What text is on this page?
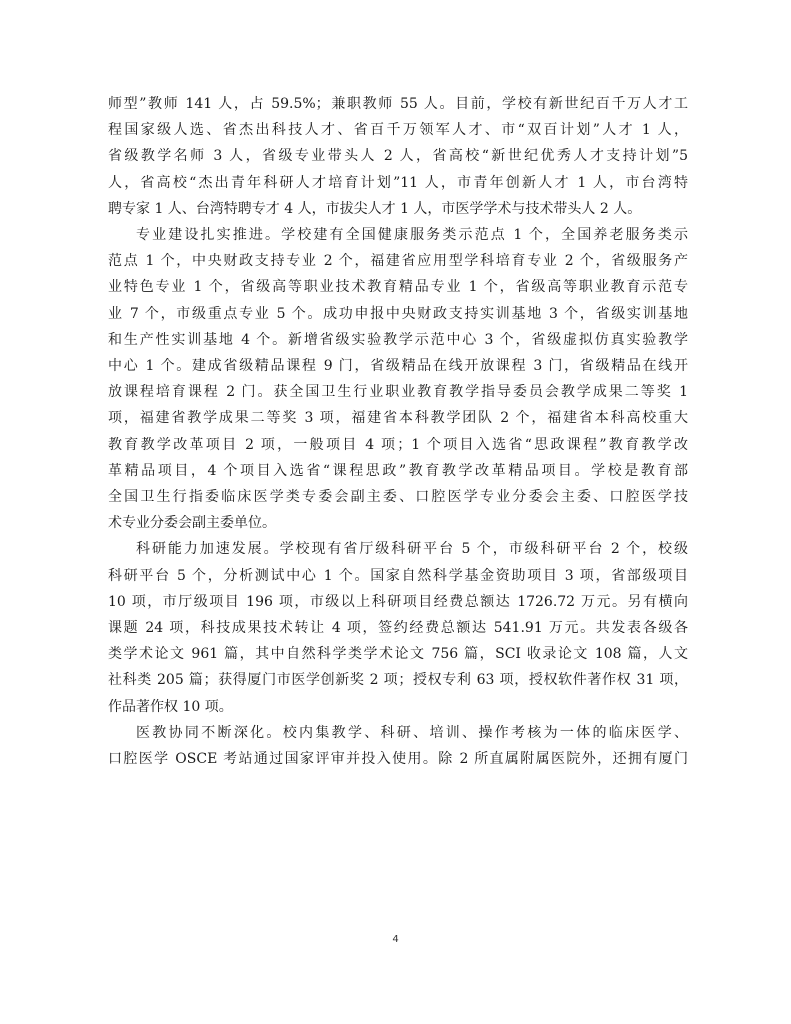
师型”教师 141 人，占 59.5%；兼职教师 55 人。目前，学校有新世纪百千万人才工
程国家级人选、省杰出科技人才、省百千万领军人才、市“双百计划”人才 1 人，
省级教学名师 3 人，省级专业带头人 2 人，省高校“新世纪优秀人才支持计划”5
人，省高校“杰出青年科研人才培育计划”11 人，市青年创新人才 1 人，市台湾特
聘专家 1 人、台湾特聘专才 4 人，市拔尖人才 1 人，市医学学术与技术带头人 2 人。

专业建设扎实推进。学校建有全国健康服务类示范点 1 个，全国养老服务类示
范点 1 个，中央财政支持专业 2 个，福建省应用型学科培育专业 2 个，省级服务产
业特色专业 1 个，省级高等职业技术教育精品专业 1 个，省级高等职业教育示范专
业 7 个，市级重点专业 5 个。成功申报中央财政支持实训基地 3 个，省级实训基地
和生产性实训基地 4 个。新增省级实验教学示范中心 3 个，省级虚拟仿真实验教学
中心 1 个。建成省级精品课程 9 门，省级精品在线开放课程 3 门，省级精品在线开
放课程培育课程 2 门。获全国卫生行业职业教育教学指导委员会教学成果二等奖 1
项，福建省教学成果二等奖 3 项，福建省本科教学团队 2 个，福建省本科高校重大
教育教学改革项目 2 项，一般项目 4 项；1 个项目入选省“思政课程”教育教学改
革精品项目，4 个项目入选省“课程思政”教育教学改革精品项目。学校是教育部
全国卫生行指委临床医学类专委会副主委、口腔医学专业分委会主委、口腔医学技
术专业分委会副主委单位。

科研能力加速发展。学校现有省厅级科研平台 5 个，市级科研平台 2 个，校级
科研平台 5 个，分析测试中心 1 个。国家自然科学基金资助项目 3 项，省部级项目
10 项，市厅级项目 196 项，市级以上科研项目经费总额达 1726.72 万元。另有横向
课题 24 项，科技成果技术转让 4 项，签约经费总额达 541.91 万元。共发表各级各
类学术论文 961 篇，其中自然科学类学术论文 756 篇，SCI 收录论文 108 篇，人文
社科类 205 篇；获得厦门市医学创新奖 2 项；授权专利 63 项，授权软件著作权 31 项，
作品著作权 10 项。

医教协同不断深化。校内集教学、科研、培训、操作考核为一体的临床医学、
口腔医学 OSCE 考站通过国家评审并投入使用。除 2 所直属附属医院外，还拥有厦门

4
